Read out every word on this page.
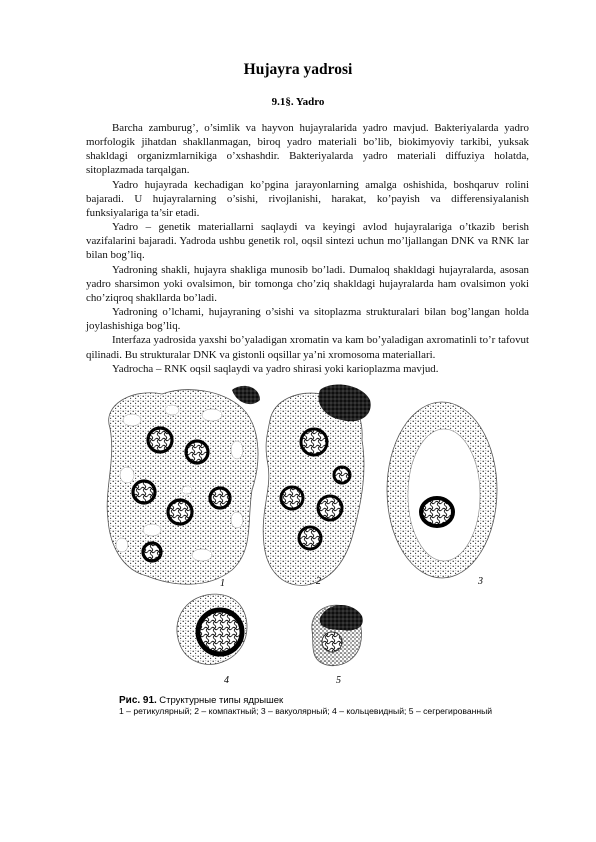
Hujayra yadrosi
9.1§. Yadro

Barcha zamburug’, o’simlik va hayvon hujayralarida yadro mavjud. Bakteriyalarda yadro morfologik jihatdan shakllanmagan, biroq yadro materiali bo’lib, biokimyoviy tarkibi, yuksak shakldagi organizmlarnikiga o’xshashdir. Bakteriyalarda yadro materiali diffuziya holatda, sitoplazmada tarqalgan.

Yadro hujayrada kechadigan ko’pgina jarayonlarning amalga oshishida, boshqaruv rolini bajaradi. U hujayralarning o’sishi, rivojlanishi, harakat, ko’payish va differensiyalanish funksiyalariga ta’sir etadi.

Yadro – genetik materiallarni saqlaydi va keyingi avlod hujayralariga o’tkazib berish vazifalarini bajaradi. Yadroda ushbu genetik rol, oqsil sintezi uchun mo’ljallangan DNK va RNK lar bilan bog’liq.

Yadroning shakli, hujayra shakliga munosib bo’ladi. Dumaloq shakldagi hujayralarda, asosan yadro sharsimon yoki ovalsimon, bir tomonga cho’ziq shakldagi hujayralarda ham ovalsimon yoki cho’ziqroq shakllarda bo’ladi.

Yadroning o’lchami, hujayraning o’sishi va sitoplazma strukturalari bilan bog’langan holda joylashishiga bog’liq.

Interfaza yadrosida yaxshi bo’yaladigan xromatin va kam bo’yaladigan axromatinli to’r tafovut qilinadi. Bu strukturalar DNK va gistonli oqsillar ya’ni xromosoma materiallari.

Yadrocha – RNK oqsil saqlaydi va yadro shirasi yoki karioplazma mavjud.

1	2	3
4	5
Рис. 91. Структурные типы ядрышек
1 – ретикулярный; 2 – компактный; 3 – вакуолярный; 4 – кольцевидный; 5 – сегрегированный
